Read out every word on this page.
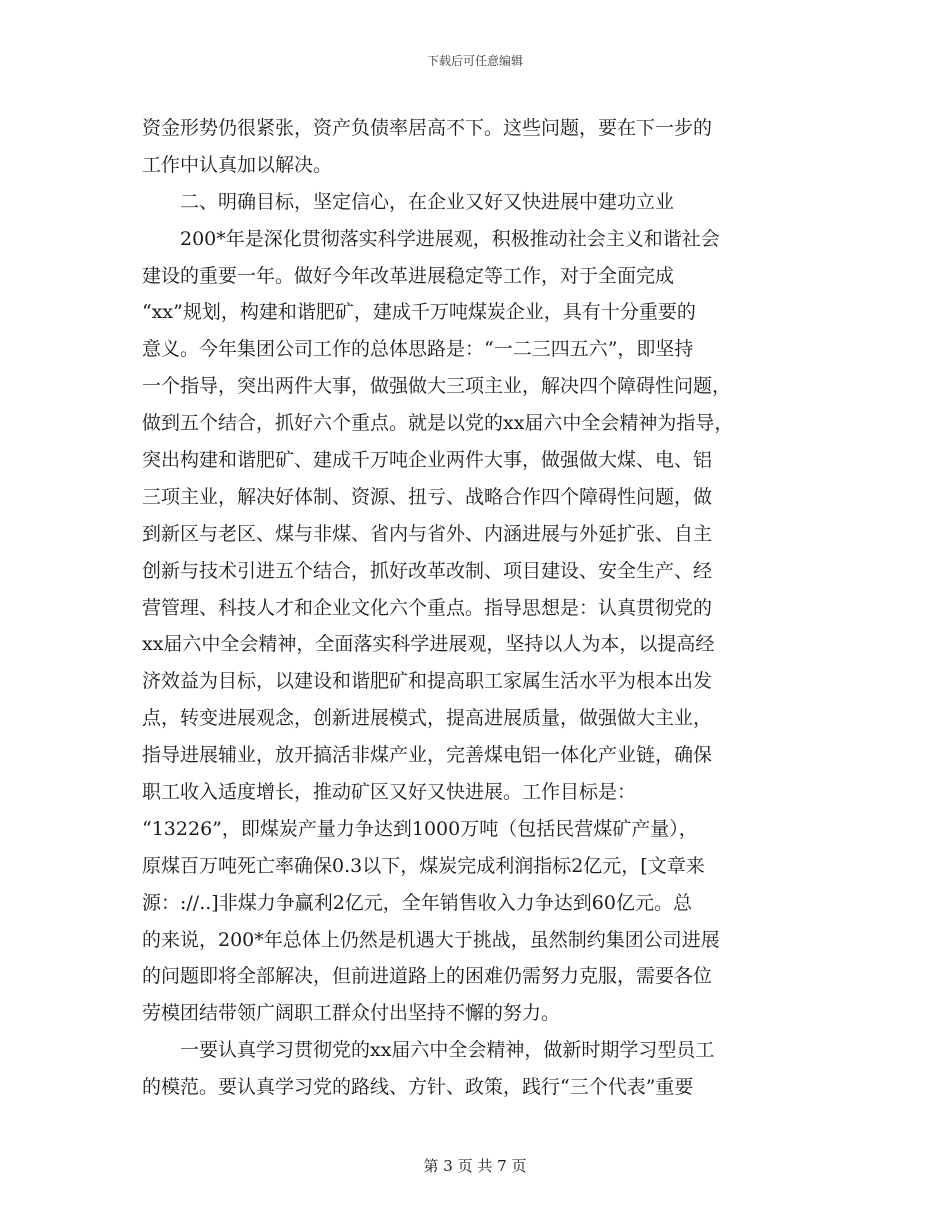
下载后可任意编辑
资金形势仍很紧张，资产负债率居高不下。这些问题，要在下一步的
工作中认真加以解决。
　　二、明确目标，坚定信心，在企业又好又快进展中建功立业
　　200*年是深化贯彻落实科学进展观，积极推动社会主义和谐社会
建设的重要一年。做好今年改革进展稳定等工作，对于全面完成
“xx”规划，构建和谐肥矿，建成千万吨煤炭企业，具有十分重要的
意义。今年集团公司工作的总体思路是：“一二三四五六”，即坚持
一个指导，突出两件大事，做强做大三项主业，解决四个障碍性问题，
做到五个结合，抓好六个重点。就是以党的xx届六中全会精神为指导，
突出构建和谐肥矿、建成千万吨企业两件大事，做强做大煤、电、铝
三项主业，解决好体制、资源、扭亏、战略合作四个障碍性问题，做
到新区与老区、煤与非煤、省内与省外、内涵进展与外延扩张、自主
创新与技术引进五个结合，抓好改革改制、项目建设、安全生产、经
营管理、科技人才和企业文化六个重点。指导思想是：认真贯彻党的
xx届六中全会精神，全面落实科学进展观，坚持以人为本，以提高经
济效益为目标，以建设和谐肥矿和提高职工家属生活水平为根本出发
点，转变进展观念，创新进展模式，提高进展质量，做强做大主业，
指导进展辅业，放开搞活非煤产业，完善煤电铝一体化产业链，确保
职工收入适度增长，推动矿区又好又快进展。工作目标是：
“13226”，即煤炭产量力争达到1000万吨（包括民营煤矿产量），
原煤百万吨死亡率确保0.3以下，煤炭完成利润指标2亿元，[文章来
源：://..]非煤力争赢利2亿元，全年销售收入力争达到60亿元。总
的来说，200*年总体上仍然是机遇大于挑战，虽然制约集团公司进展
的问题即将全部解决，但前进道路上的困难仍需努力克服，需要各位
劳模团结带领广阔职工群众付出坚持不懈的努力。
　　一要认真学习贯彻党的xx届六中全会精神，做新时期学习型员工
的模范。要认真学习党的路线、方针、政策，践行“三个代表”重要
第 3 页 共 7 页
